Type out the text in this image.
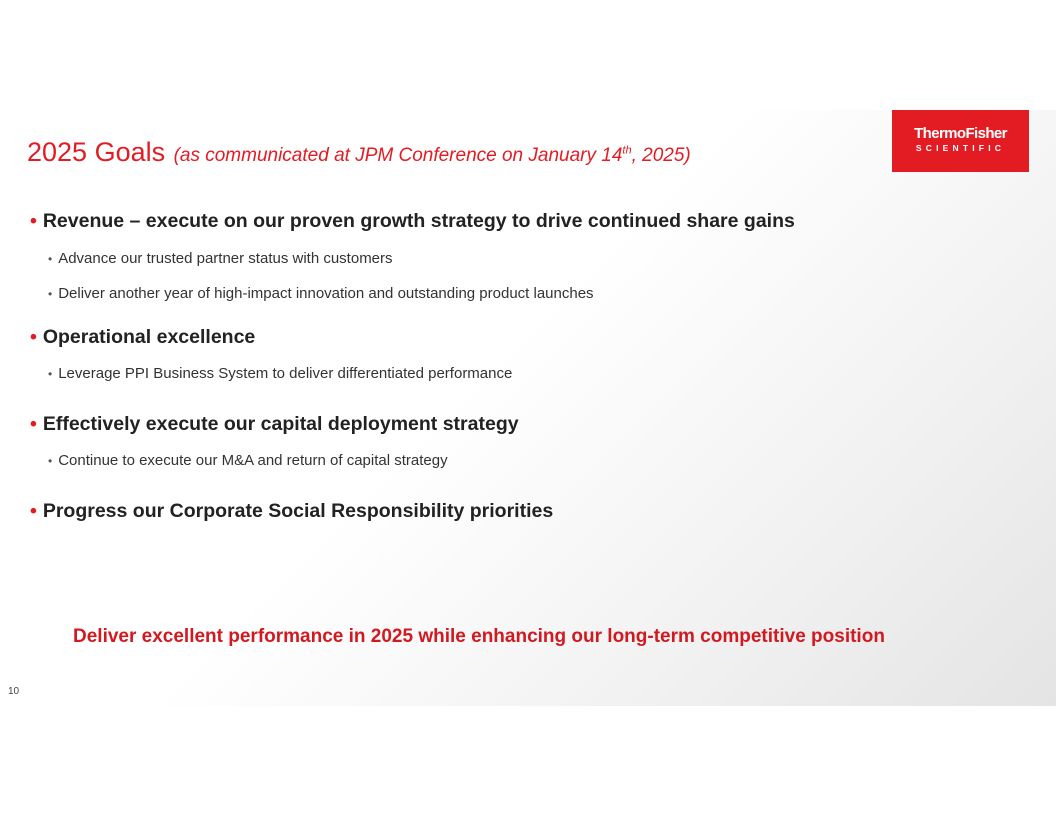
2025 Goals (as communicated at JPM Conference on January 14th, 2025)
ThermoFisher
SCIENTIFIC
• Revenue – execute on our proven growth strategy to drive continued share gains
• Advance our trusted partner status with customers
• Deliver another year of high-impact innovation and outstanding product launches
• Operational excellence
• Leverage PPI Business System to deliver differentiated performance
• Effectively execute our capital deployment strategy
• Continue to execute our M&A and return of capital strategy
• Progress our Corporate Social Responsibility priorities
Deliver excellent performance in 2025 while enhancing our long-term competitive position
10
